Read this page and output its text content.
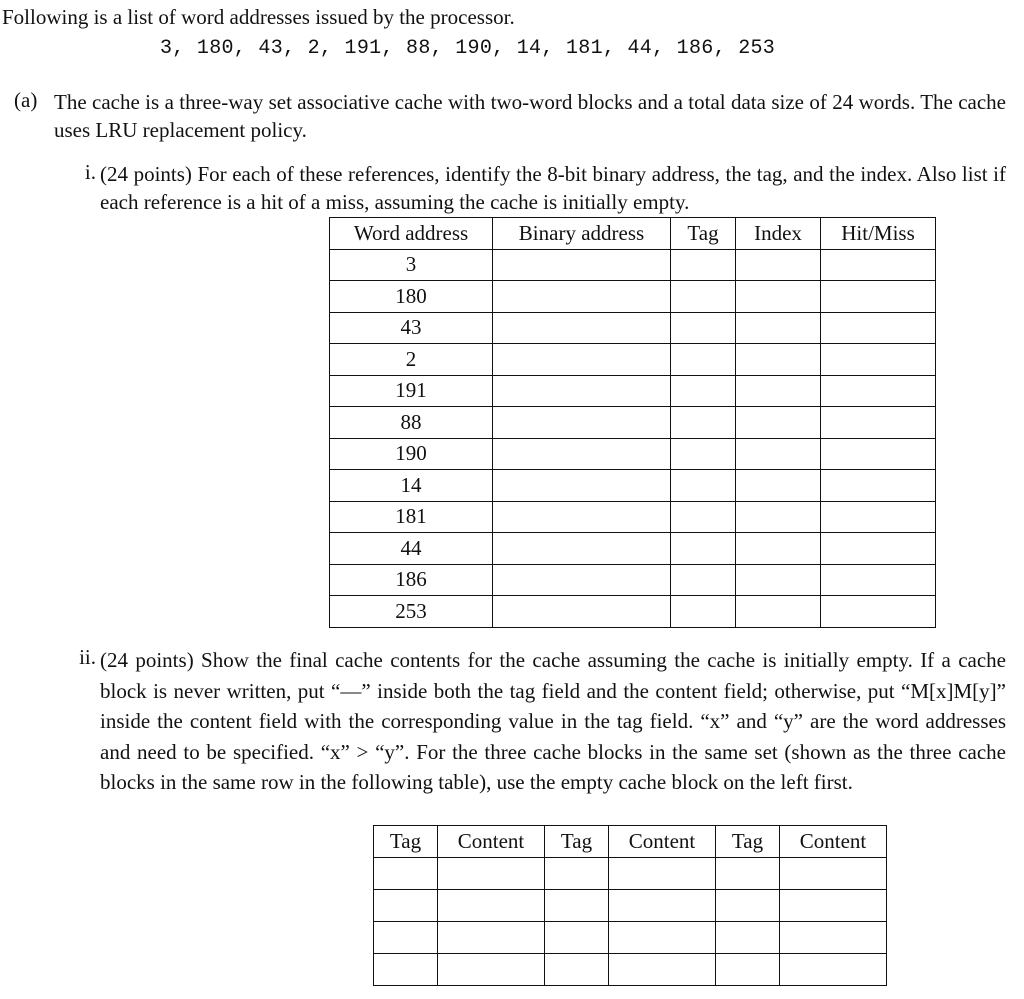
Following is a list of word addresses issued by the processor.
3, 180, 43, 2, 191, 88, 190, 14, 181, 44, 186, 253
(a) The cache is a three-way set associative cache with two-word blocks and a total data size of 24 words. The cache uses LRU replacement policy.
i. (24 points) For each of these references, identify the 8-bit binary address, the tag, and the index. Also list if each reference is a hit of a miss, assuming the cache is initially empty.
Word address	Binary address	Tag	Index	Hit/Miss
3				
180				
43				
2				
191				
88				
190				
14				
181				
44				
186				
253				
ii. (24 points) Show the final cache contents for the cache assuming the cache is initially empty. If a cache block is never written, put “—” inside both the tag field and the content field; otherwise, put “M[x]M[y]” inside the content field with the corresponding value in the tag field. “x” and “y” are the word addresses and need to be specified. “x” > “y”. For the three cache blocks in the same set (shown as the three cache blocks in the same row in the following table), use the empty cache block on the left first.
Tag	Content	Tag	Content	Tag	Content
